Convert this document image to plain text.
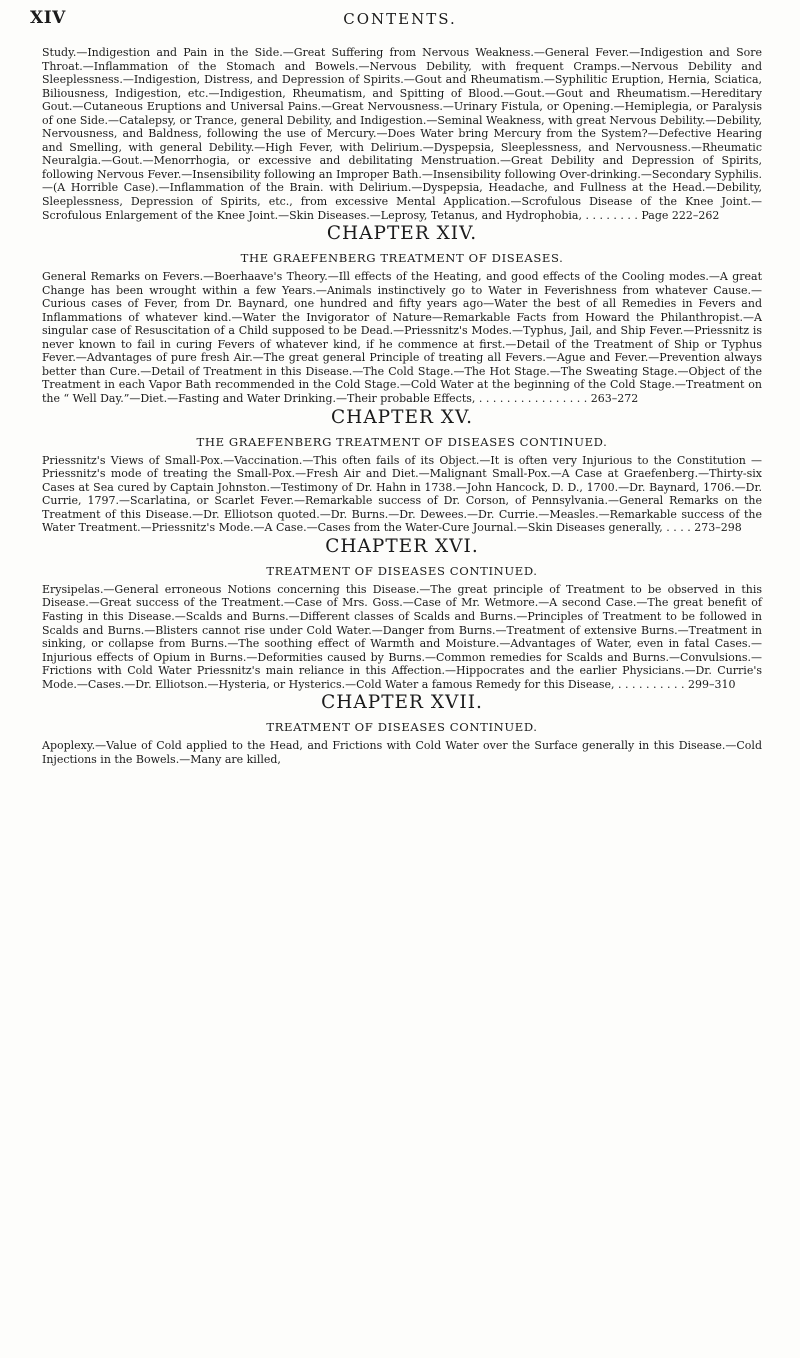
XIV	CONTENTS.

Study.—Indigestion and Pain in the Side.—Great Suffering from Nervous Weakness.—General Fever.—Indigestion and Sore Throat.—Inflammation of the Stomach and Bowels.—Nervous Debility, with frequent Cramps.—Nervous Debility and Sleeplessness.—Indigestion, Distress, and Depression of Spirits.—Gout and Rheumatism.—Syphilitic Eruption, Hernia, Sciatica, Biliousness, Indigestion, etc.—Indigestion, Rheumatism, and Spitting of Blood.—Gout.—Gout and Rheumatism.—Hereditary Gout.—Cutaneous Eruptions and Universal Pains.—Great Nervousness.—Urinary Fistula, or Opening.—Hemiplegia, or Paralysis of one Side.—Catalepsy, or Trance, general Debility, and Indigestion.—Seminal Weakness, with great Nervous Debility.—Debility, Nervousness, and Baldness, following the use of Mercury.—Does Water bring Mercury from the System?—Defective Hearing and Smelling, with general Debility.—High Fever, with Delirium.—Dyspepsia, Sleeplessness, and Nervousness.—Rheumatic Neuralgia.—Gout.—Menorrhogia, or excessive and debilitating Menstruation.—Great Debility and Depression of Spirits, following Nervous Fever.—Insensibility following an Improper Bath.—Insensibility following Over-drinking.—Secondary Syphilis.—(A Horrible Case).—Inflammation of the Brain. with Delirium.—Dyspepsia, Headache, and Fullness at the Head.—Debility, Sleeplessness, Depression of Spirits, etc., from excessive Mental Application.—Scrofulous Disease of the Knee Joint.—Scrofulous Enlargement of the Knee Joint.—Skin Diseases.—Leprosy, Tetanus, and Hydrophobia, . . . . . . . . Page 222–262

CHAPTER XIV.
THE GRAEFENBERG TREATMENT OF DISEASES.

General Remarks on Fevers.—Boerhaave's Theory.—Ill effects of the Heating, and good effects of the Cooling modes.—A great Change has been wrought within a few Years.—Animals instinctively go to Water in Feverishness from whatever Cause.—Curious cases of Fever, from Dr. Baynard, one hundred and fifty years ago—Water the best of all Remedies in Fevers and Inflammations of whatever kind.—Water the Invigorator of Nature—Remarkable Facts from Howard the Philanthropist.—A singular case of Resuscitation of a Child supposed to be Dead.—Priessnitz's Modes.—Typhus, Jail, and Ship Fever.—Priessnitz is never known to fail in curing Fevers of whatever kind, if he commence at first.—Detail of the Treatment of Ship or Typhus Fever.—Advantages of pure fresh Air.—The great general Principle of treating all Fevers.—Ague and Fever.—Prevention always better than Cure.—Detail of Treatment in this Disease.—The Cold Stage.—The Hot Stage.—The Sweating Stage.—Object of the Treatment in each Vapor Bath recommended in the Cold Stage.—Cold Water at the beginning of the Cold Stage.—Treatment on the “ Well Day.”—Diet.—Fasting and Water Drinking.—Their probable Effects, . . . . . . . . . . . . . . . . 263–272

CHAPTER XV.
THE GRAEFENBERG TREATMENT OF DISEASES CONTINUED.

Priessnitz's Views of Small-Pox.—Vaccination.—This often fails of its Object.—It is often very Injurious to the Constitution —Priessnitz's mode of treating the Small-Pox.—Fresh Air and Diet.—Malignant Small-Pox.—A Case at Graefenberg.—Thirty-six Cases at Sea cured by Captain Johnston.—Testimony of Dr. Hahn in 1738.—John Hancock, D. D., 1700.—Dr. Baynard, 1706.—Dr. Currie, 1797.—Scarlatina, or Scarlet Fever.—Remarkable success of Dr. Corson, of Pennsylvania.—General Remarks on the Treatment of this Disease.—Dr. Elliotson quoted.—Dr. Burns.—Dr. Dewees.—Dr. Currie.—Measles.—Remarkable success of the Water Treatment.—Priessnitz's Mode.—A Case.—Cases from the Water-Cure Journal.—Skin Diseases generally, . . . . 273–298

CHAPTER XVI.
TREATMENT OF DISEASES CONTINUED.

Erysipelas.—General erroneous Notions concerning this Disease.—The great principle of Treatment to be observed in this Disease.—Great success of the Treatment.—Case of Mrs. Goss.—Case of Mr. Wetmore.—A second Case.—The great benefit of Fasting in this Disease.—Scalds and Burns.—Different classes of Scalds and Burns.—Principles of Treatment to be followed in Scalds and Burns.—Blisters cannot rise under Cold Water.—Danger from Burns.—Treatment of extensive Burns.—Treatment in sinking, or collapse from Burns.—The soothing effect of Warmth and Moisture.—Advantages of Water, even in fatal Cases.—Injurious effects of Opium in Burns.—Deformities caused by Burns.—Common remedies for Scalds and Burns.—Convulsions.—Frictions with Cold Water Priessnitz's main reliance in this Affection.—Hippocrates and the earlier Physicians.—Dr. Currie's Mode.—Cases.—Dr. Elliotson.—Hysteria, or Hysterics.—Cold Water a famous Remedy for this Disease, . . . . . . . . . . 299–310

CHAPTER XVII.
TREATMENT OF DISEASES CONTINUED.

Apoplexy.—Value of Cold applied to the Head, and Frictions with Cold Water over the Surface generally in this Disease.—Cold Injections in the Bowels.—Many are killed,
